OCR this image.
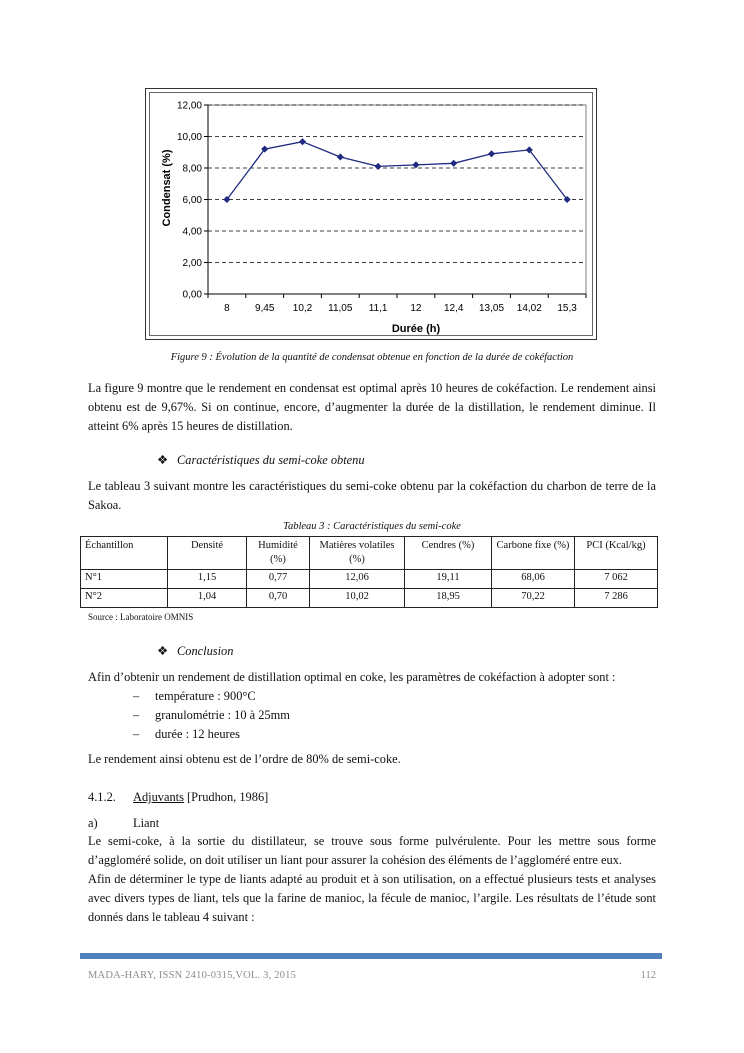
0,00
2,00
4,00
6,00
8,00
10,00
12,00
8	9,45 10,2 11,05 11,1 12 12,4 13,05 14,02 15,3
Condensat (%)
Durée (h)
Figure 9 : Évolution de la quantité de condensat obtenue en fonction de la durée de cokéfaction
La figure 9 montre que le rendement en condensat est optimal après 10 heures de cokéfaction. Le rendement ainsi obtenu est de 9,67%. Si on continue, encore, d’augmenter la durée de la distillation, le rendement diminue. Il atteint 6% après 15 heures de distillation.
❖ Caractéristiques du semi-coke obtenu
Le tableau 3 suivant montre les caractéristiques du semi-coke obtenu par la cokéfaction du charbon de terre de la Sakoa.
Tableau 3 : Caractéristiques du semi-coke
Échantillon	Densité	Humidité (%)	Matières volatiles (%)	Cendres (%)	Carbone fixe (%)	PCI (Kcal/kg)
N°1	1,15	0,77	12,06	19,11	68,06	7 062
N°2	1,04	0,70	10,02	18,95	70,22	7 286
Source : Laboratoire OMNIS
❖ Conclusion
Afin d’obtenir un rendement de distillation optimal en coke, les paramètres de cokéfaction à adopter sont :
– température : 900°C
– granulométrie : 10 à 25mm
– durée : 12 heures
Le rendement ainsi obtenu est de l’ordre de 80% de semi-coke.
4.1.2. Adjuvants [Prudhon, 1986]
a)	Liant
Le semi-coke, à la sortie du distillateur, se trouve sous forme pulvérulente. Pour les mettre sous forme d’aggloméré solide, on doit utiliser un liant pour assurer la cohésion des éléments de l’aggloméré entre eux.
Afin de déterminer le type de liants adapté au produit et à son utilisation, on a effectué plusieurs tests et analyses avec divers types de liant, tels que la farine de manioc, la fécule de manioc, l’argile. Les résultats de l’étude sont donnés dans le tableau 4 suivant :
MADA-HARY, ISSN 2410-0315,VOL. 3, 2015	112
